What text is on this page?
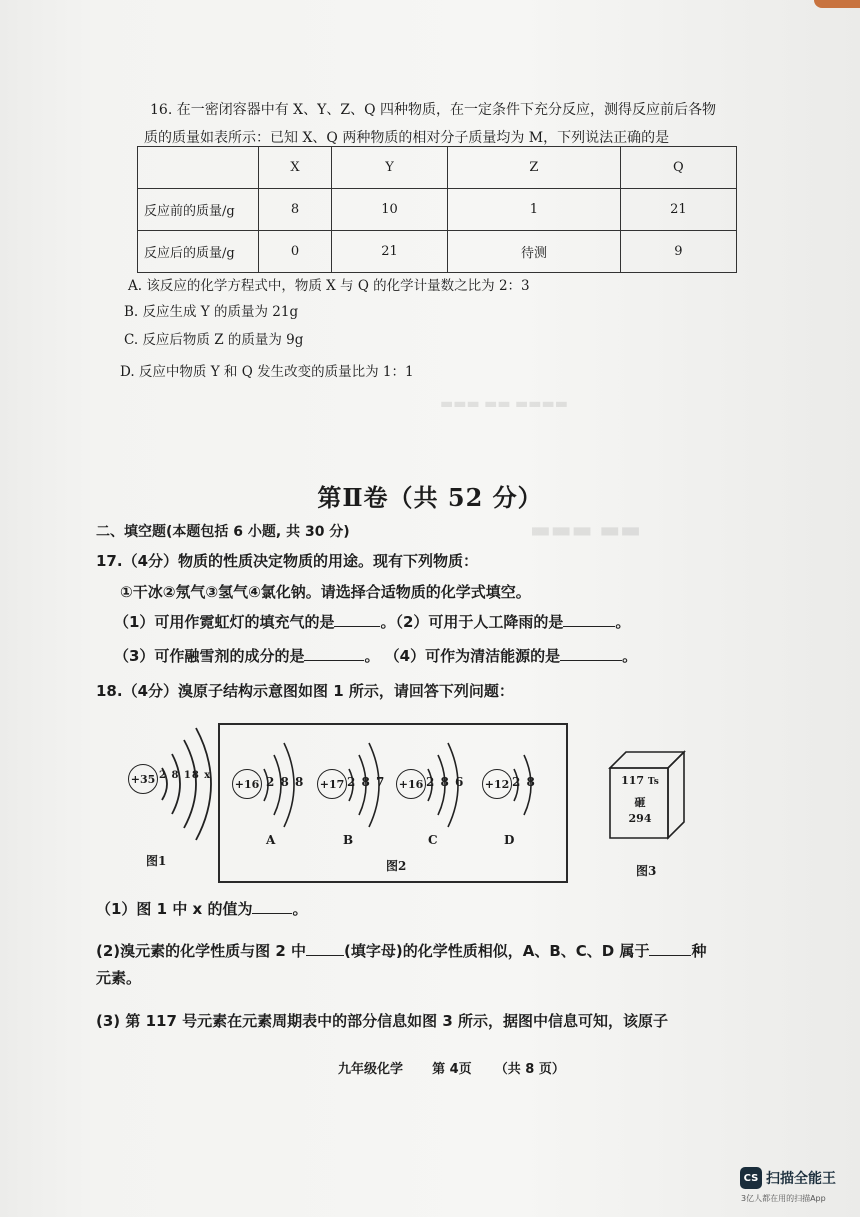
▬▬▬ ▬▬ ▬▬▬▬
▬▬▬ ▬▬
16. 在一密闭容器中有 X、Y、Z、Q 四种物质，在一定条件下充分反应，测得反应前后各物
质的质量如表所示：已知 X、Q 两种物质的相对分子质量均为 M，下列说法正确的是
	X	Y	Z	Q
反应前的质量/g	8	10	1	21
反应后的质量/g	0	21	待测	9
A. 该反应的化学方程式中，物质 X 与 Q 的化学计量数之比为 2：3
B. 反应生成 Y 的质量为 21g
C. 反应后物质 Z 的质量为 9g
D. 反应中物质 Y 和 Q 发生改变的质量比为 1：1
第Ⅱ卷（共 52 分）
二、填空题(本题包括 6 小题, 共 30 分)
17.（4分）物质的性质决定物质的用途。现有下列物质：
①干冰②氖气③氢气④氯化钠。请选择合适物质的化学式填空。
（1）可用作霓虹灯的填充气的是	。（2）可用于人工降雨的是	。
（3）可作融雪剂的成分的是	。 （4）可作为清洁能源的是	。
18.（4分）溴原子结构示意图如图 1 所示，请回答下列问题：
+35 2 8 18 x
图1
+16 2 8 8
A
+17 2 8 7
B
+16 2 8 6
C
+12 2 8
D
图2
117 Ts
砸
294
图3
（1）图 1 中 x 的值为	。
(2)溴元素的化学性质与图 2 中	(填字母)的化学性质相似，A、B、C、D 属于	种
元素。
(3) 第 117 号元素在元素周期表中的部分信息如图 3 所示，据图中信息可知，该原子
九年级化学 第 4页 （共 8 页）
CS 扫描全能王
3亿人都在用的扫描App
